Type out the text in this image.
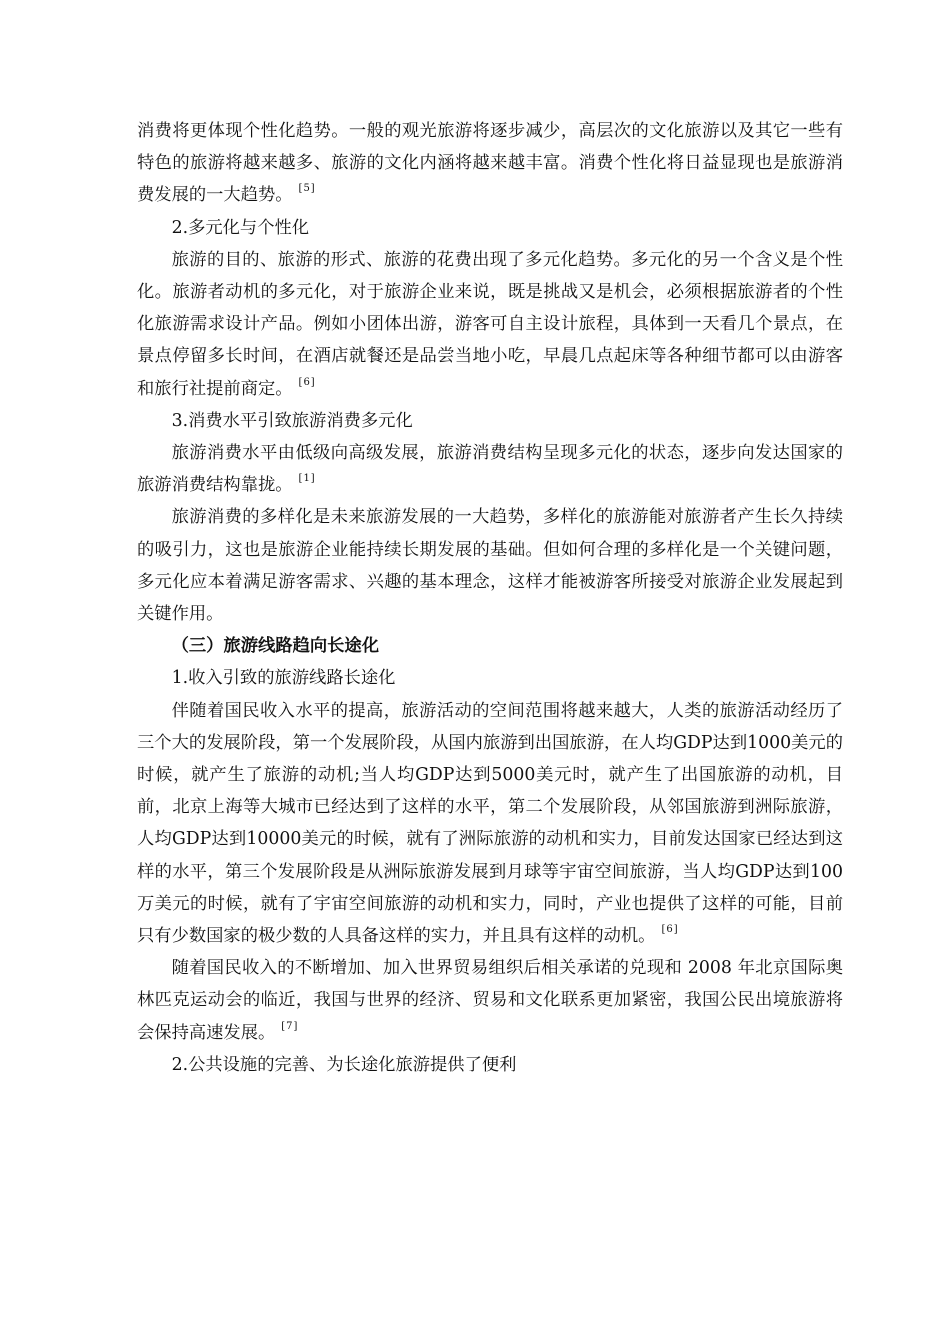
消费将更体现个性化趋势。一般的观光旅游将逐步减少，高层次的文化旅游以及其它一些有特色的旅游将越来越多、旅游的文化内涵将越来越丰富。消费个性化将日益显现也是旅游消费发展的一大趋势。 [5]

2.多元化与个性化

旅游的目的、旅游的形式、旅游的花费出现了多元化趋势。多元化的另一个含义是个性化。旅游者动机的多元化，对于旅游企业来说，既是挑战又是机会，必须根据旅游者的个性化旅游需求设计产品。例如小团体出游，游客可自主设计旅程，具体到一天看几个景点，在景点停留多长时间，在酒店就餐还是品尝当地小吃，早晨几点起床等各种细节都可以由游客和旅行社提前商定。 [6]

3.消费水平引致旅游消费多元化

旅游消费水平由低级向高级发展，旅游消费结构呈现多元化的状态，逐步向发达国家的旅游消费结构靠拢。 [1]

旅游消费的多样化是未来旅游发展的一大趋势，多样化的旅游能对旅游者产生长久持续的吸引力，这也是旅游企业能持续长期发展的基础。但如何合理的多样化是一个关键问题，多元化应本着满足游客需求、兴趣的基本理念，这样才能被游客所接受对旅游企业发展起到关键作用。

（三）旅游线路趋向长途化

1.收入引致的旅游线路长途化

伴随着国民收入水平的提高，旅游活动的空间范围将越来越大，人类的旅游活动经历了三个大的发展阶段，第一个发展阶段，从国内旅游到出国旅游，在人均GDP达到1000美元的时候，就产生了旅游的动机;当人均GDP达到5000美元时，就产生了出国旅游的动机，目前，北京上海等大城市已经达到了这样的水平，第二个发展阶段，从邻国旅游到洲际旅游，人均GDP达到10000美元的时候，就有了洲际旅游的动机和实力，目前发达国家已经达到这样的水平，第三个发展阶段是从洲际旅游发展到月球等宇宙空间旅游，当人均GDP达到100万美元的时候，就有了宇宙空间旅游的动机和实力，同时，产业也提供了这样的可能，目前只有少数国家的极少数的人具备这样的实力，并且具有这样的动机。 [6]

随着国民收入的不断增加、加入世界贸易组织后相关承诺的兑现和 2008 年北京国际奥林匹克运动会的临近，我国与世界的经济、贸易和文化联系更加紧密，我国公民出境旅游将会保持高速发展。 [7]

2.公共设施的完善、为长途化旅游提供了便利
